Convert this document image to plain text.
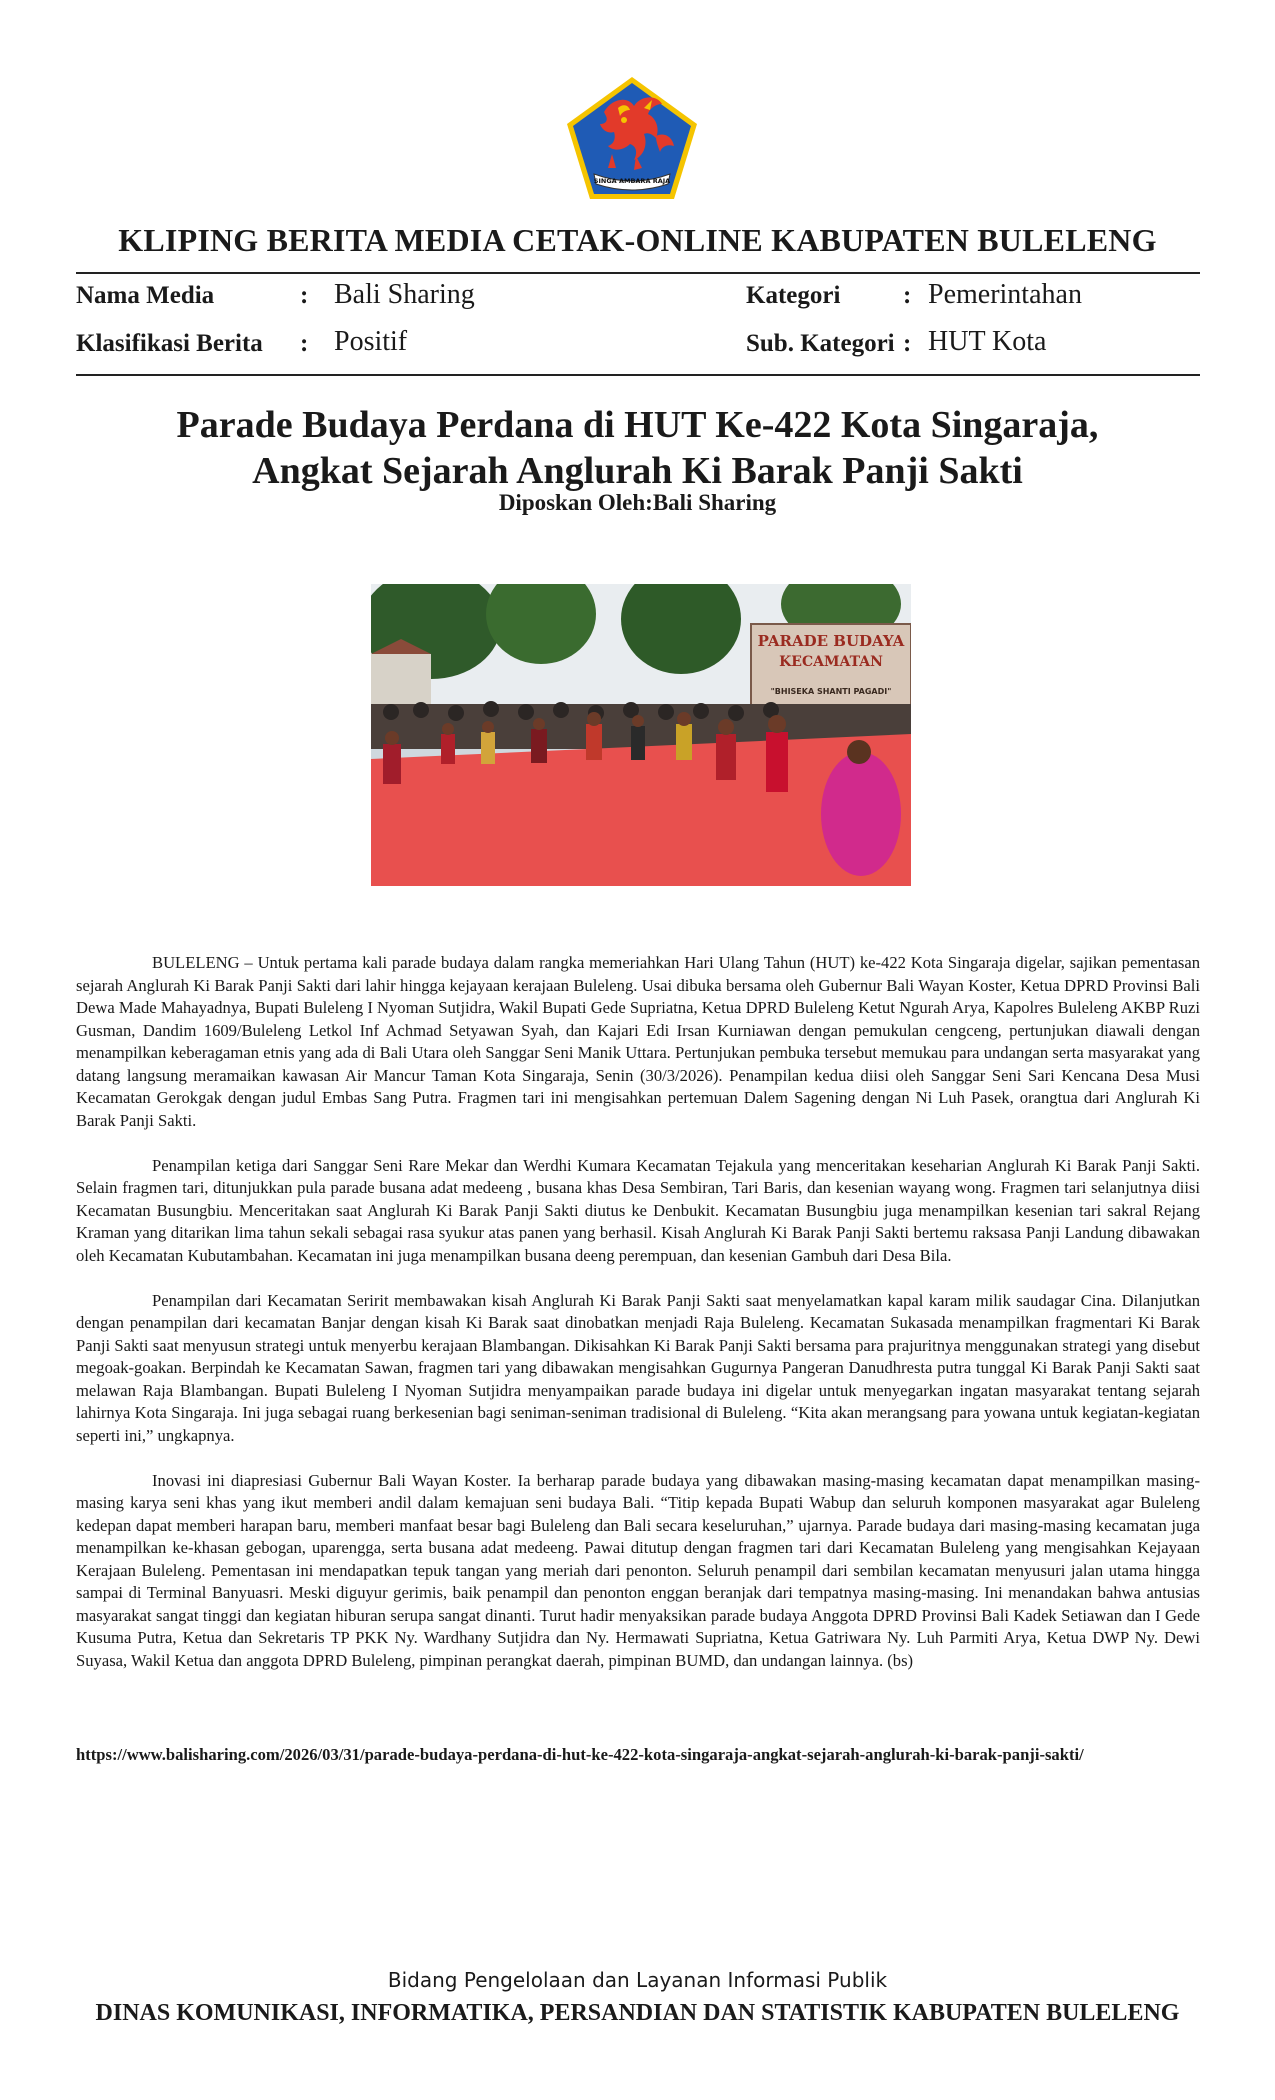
SINGA AMBARA RAJA
KLIPING BERITA MEDIA CETAK-ONLINE KABUPATEN BULELENG
Nama Media	: Bali Sharing	Kategori	: Pemerintahan
Klasifikasi Berita : Positif	Sub. Kategori : HUT Kota
Parade Budaya Perdana di HUT Ke-422 Kota Singaraja,
Angkat Sejarah Anglurah Ki Barak Panji Sakti
Diposkan Oleh:Bali Sharing
PARADE BUDAYA
KECAMATAN
"BHISEKA SHANTI PAGADI"

BULELENG – Untuk pertama kali parade budaya dalam rangka memeriahkan Hari Ulang Tahun (HUT) ke-422 Kota Singaraja digelar, sajikan pementasan sejarah Anglurah Ki Barak Panji Sakti dari lahir hingga kejayaan kerajaan Buleleng. Usai dibuka bersama oleh Gubernur Bali Wayan Koster, Ketua DPRD Provinsi Bali Dewa Made Mahayadnya, Bupati Buleleng I Nyoman Sutjidra, Wakil Bupati Gede Supriatna, Ketua DPRD Buleleng Ketut Ngurah Arya, Kapolres Buleleng AKBP Ruzi Gusman, Dandim 1609/Buleleng Letkol Inf Achmad Setyawan Syah, dan Kajari Edi Irsan Kurniawan dengan pemukulan cengceng, pertunjukan diawali dengan menampilkan keberagaman etnis yang ada di Bali Utara oleh Sanggar Seni Manik Uttara. Pertunjukan pembuka tersebut memukau para undangan serta masyarakat yang datang langsung meramaikan kawasan Air Mancur Taman Kota Singaraja, Senin (30/3/2026). Penampilan kedua diisi oleh Sanggar Seni Sari Kencana Desa Musi Kecamatan Gerokgak dengan judul Embas Sang Putra. Fragmen tari ini mengisahkan pertemuan Dalem Sagening dengan Ni Luh Pasek, orangtua dari Anglurah Ki Barak Panji Sakti.

Penampilan ketiga dari Sanggar Seni Rare Mekar dan Werdhi Kumara Kecamatan Tejakula yang menceritakan keseharian Anglurah Ki Barak Panji Sakti. Selain fragmen tari, ditunjukkan pula parade busana adat medeeng , busana khas Desa Sembiran, Tari Baris, dan kesenian wayang wong. Fragmen tari selanjutnya diisi Kecamatan Busungbiu. Menceritakan saat Anglurah Ki Barak Panji Sakti diutus ke Denbukit. Kecamatan Busungbiu juga menampilkan kesenian tari sakral Rejang Kraman yang ditarikan lima tahun sekali sebagai rasa syukur atas panen yang berhasil. Kisah Anglurah Ki Barak Panji Sakti bertemu raksasa Panji Landung dibawakan oleh Kecamatan Kubutambahan. Kecamatan ini juga menampilkan busana deeng perempuan, dan kesenian Gambuh dari Desa Bila.

Penampilan dari Kecamatan Seririt membawakan kisah Anglurah Ki Barak Panji Sakti saat menyelamatkan kapal karam milik saudagar Cina. Dilanjutkan dengan penampilan dari kecamatan Banjar dengan kisah Ki Barak saat dinobatkan menjadi Raja Buleleng. Kecamatan Sukasada menampilkan fragmentari Ki Barak Panji Sakti saat menyusun strategi untuk menyerbu kerajaan Blambangan. Dikisahkan Ki Barak Panji Sakti bersama para prajuritnya menggunakan strategi yang disebut megoak-goakan. Berpindah ke Kecamatan Sawan, fragmen tari yang dibawakan mengisahkan Gugurnya Pangeran Danudhresta putra tunggal Ki Barak Panji Sakti saat melawan Raja Blambangan. Bupati Buleleng I Nyoman Sutjidra menyampaikan parade budaya ini digelar untuk menyegarkan ingatan masyarakat tentang sejarah lahirnya Kota Singaraja. Ini juga sebagai ruang berkesenian bagi seniman-seniman tradisional di Buleleng. “Kita akan merangsang para yowana untuk kegiatan-kegiatan seperti ini,” ungkapnya.

Inovasi ini diapresiasi Gubernur Bali Wayan Koster. Ia berharap parade budaya yang dibawakan masing-masing kecamatan dapat menampilkan masing-masing karya seni khas yang ikut memberi andil dalam kemajuan seni budaya Bali. “Titip kepada Bupati Wabup dan seluruh komponen masyarakat agar Buleleng kedepan dapat memberi harapan baru, memberi manfaat besar bagi Buleleng dan Bali secara keseluruhan,” ujarnya. Parade budaya dari masing-masing kecamatan juga menampilkan ke-khasan gebogan, uparengga, serta busana adat medeeng. Pawai ditutup dengan fragmen tari dari Kecamatan Buleleng yang mengisahkan Kejayaan Kerajaan Buleleng. Pementasan ini mendapatkan tepuk tangan yang meriah dari penonton. Seluruh penampil dari sembilan kecamatan menyusuri jalan utama hingga sampai di Terminal Banyuasri. Meski diguyur gerimis, baik penampil dan penonton enggan beranjak dari tempatnya masing-masing. Ini menandakan bahwa antusias masyarakat sangat tinggi dan kegiatan hiburan serupa sangat dinanti. Turut hadir menyaksikan parade budaya Anggota DPRD Provinsi Bali Kadek Setiawan dan I Gede Kusuma Putra, Ketua dan Sekretaris TP PKK Ny. Wardhany Sutjidra dan Ny. Hermawati Supriatna, Ketua Gatriwara Ny. Luh Parmiti Arya, Ketua DWP Ny. Dewi Suyasa, Wakil Ketua dan anggota DPRD Buleleng, pimpinan perangkat daerah, pimpinan BUMD, dan undangan lainnya. (bs)

https://www.balisharing.com/2026/03/31/parade-budaya-perdana-di-hut-ke-422-kota-singaraja-angkat-sejarah-anglurah-ki-barak-panji-sakti/
Bidang Pengelolaan dan Layanan Informasi Publik
DINAS KOMUNIKASI, INFORMATIKA, PERSANDIAN DAN STATISTIK KABUPATEN BULELENG
